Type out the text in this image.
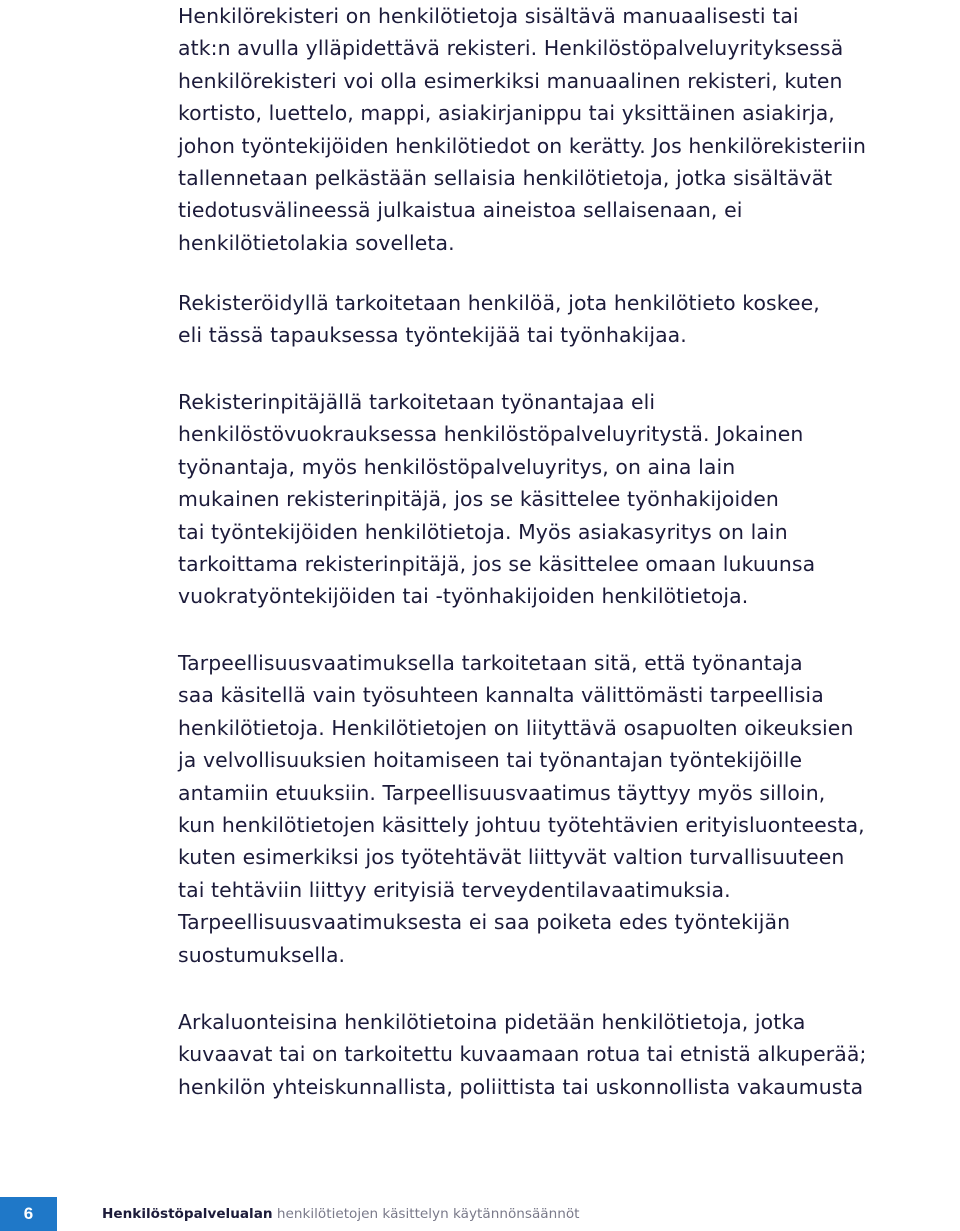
Henkilörekisteri on henkilötietoja sisältävä manuaalisesti tai
atk:n avulla ylläpidettävä rekisteri. Henkilöstöpalveluyrityksessä
henkilörekisteri voi olla esimerkiksi manuaalinen rekisteri, kuten
kortisto, luettelo, mappi, asiakirjanippu tai yksittäinen asiakirja,
johon työntekijöiden henkilötiedot on kerätty. Jos henkilörekisteriin
tallennetaan pelkästään sellaisia henkilötietoja, jotka sisältävät
tiedotusvälineessä julkaistua aineistoa sellaisenaan, ei
henkilötietolakia sovelleta.

Rekisteröidyllä tarkoitetaan henkilöä, jota henkilötieto koskee,
eli tässä tapauksessa työntekijää tai työnhakijaa.

Rekisterinpitäjällä tarkoitetaan työnantajaa eli
henkilöstövuokrauksessa henkilöstöpalveluyritystä. Jokainen
työnantaja, myös henkilöstöpalveluyritys, on aina lain
mukainen rekisterinpitäjä, jos se käsittelee työnhakijoiden
tai työntekijöiden henkilötietoja. Myös asiakasyritys on lain
tarkoittama rekisterinpitäjä, jos se käsittelee omaan lukuunsa
vuokratyöntekijöiden tai -työnhakijoiden henkilötietoja.

Tarpeellisuusvaatimuksella tarkoitetaan sitä, että työnantaja
saa käsitellä vain työsuhteen kannalta välittömästi tarpeellisia
henkilötietoja. Henkilötietojen on liityttävä osapuolten oikeuksien
ja velvollisuuksien hoitamiseen tai työnantajan työntekijöille
antamiin etuuksiin. Tarpeellisuusvaatimus täyttyy myös silloin,
kun henkilötietojen käsittely johtuu työtehtävien erityisluonteesta,
kuten esimerkiksi jos työtehtävät liittyvät valtion turvallisuuteen
tai tehtäviin liittyy erityisiä terveydentilavaatimuksia.
Tarpeellisuusvaatimuksesta ei saa poiketa edes työntekijän
suostumuksella.

Arkaluonteisina henkilötietoina pidetään henkilötietoja, jotka
kuvaavat tai on tarkoitettu kuvaamaan rotua tai etnistä alkuperää;
henkilön yhteiskunnallista, poliittista tai uskonnollista vakaumusta

6	Henkilöstöpalvelualan henkilötietojen käsittelyn käytännönsäännöt
